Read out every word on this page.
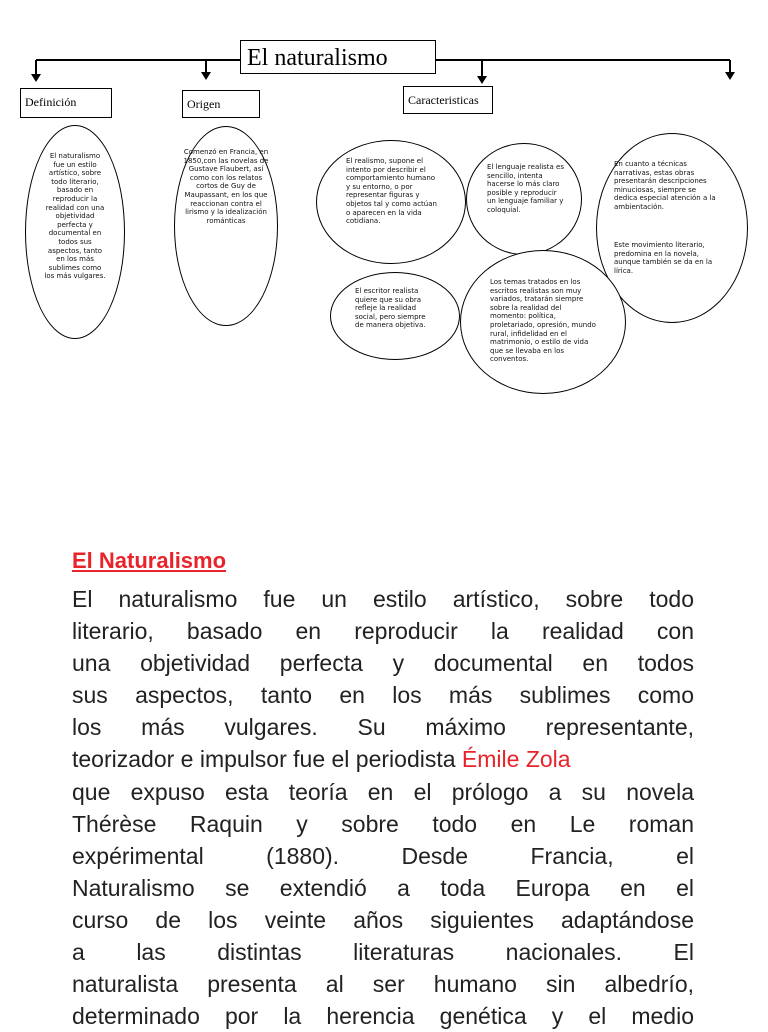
El naturalismo
Definición	Origen	Caracteristicas
El naturalismo fue un estilo artístico, sobre todo literario, basado en reproducir la realidad con una objetividad perfecta y documental en todos sus aspectos, tanto en los más sublimes como los más vulgares.
Comenzó en Francia, en 1850,con las novelas de Gustave Flaubert, así como con los relatos cortos de Guy de Maupassant, en los que reaccionan contra el lirismo y la idealización románticas
El realismo, supone el intento por describir el comportamiento humano y su entorno, o por representar figuras y objetos tal y como actúan o aparecen en la vida cotidiana.
El lenguaje realista es sencillo, intenta hacerse lo más claro posible y reproducir un lenguaje familiar y coloquial.
En cuanto a técnicas narrativas, estas obras presentarán descripciones minuciosas, siempre se dedica especial atención a la ambientación.
Este movimiento literario, predomina en la novela, aunque también se da en la lírica.
El escritor realista quiere que su obra refleje la realidad social, pero siempre de manera objetiva.
Los temas tratados en los escritos realistas son muy variados, tratarán siempre sobre la realidad del momento: política, proletariado, opresión, mundo rural, infidelidad en el matrimonio, o estilo de vida que se llevaba en los conventos.
El Naturalismo
El naturalismo fue un estilo artístico, sobre todo
literario, basado en reproducir la realidad con
una objetividad perfecta y documental en todos
sus aspectos, tanto en los más sublimes como
los más vulgares. Su máximo representante,
teorizador e impulsor fue el periodista Émile Zola
que expuso esta teoría en el prólogo a su novela
Thérèse Raquin y sobre todo en Le roman
expérimental (1880). Desde Francia, el
Naturalismo se extendió a toda Europa en el
curso de los veinte años siguientes adaptándose
a las distintas literaturas nacionales. El
naturalista presenta al ser humano sin albedrío,
determinado por la herencia genética y el medio
